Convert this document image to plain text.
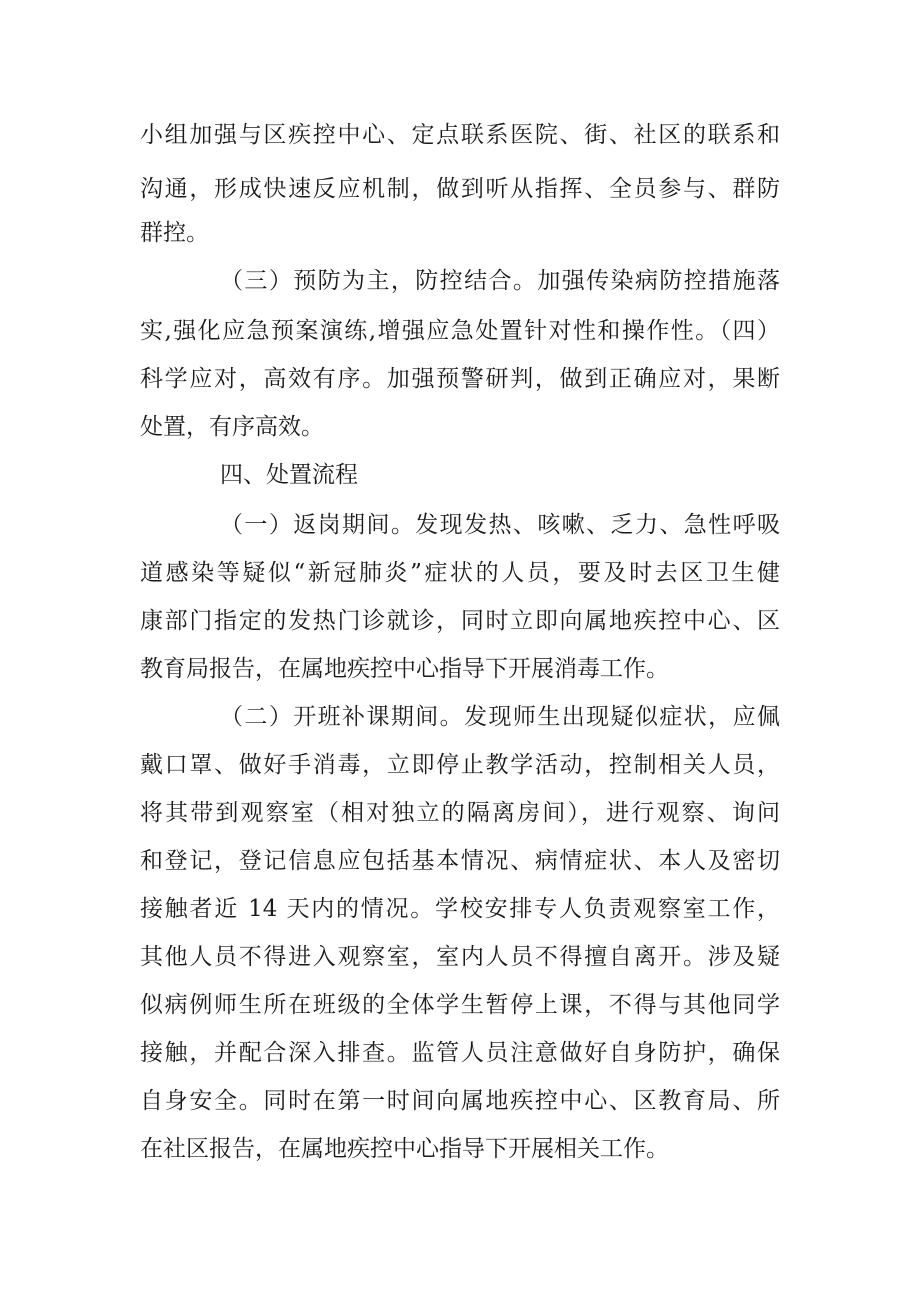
小组加强与区疾控中心、定点联系医院、街、社区的联系和
沟通，形成快速反应机制，做到听从指挥、全员参与、群防
群控。
（三）预防为主，防控结合。加强传染病防控措施落
实,强化应急预案演练,增强应急处置针对性和操作性。（四）
科学应对，高效有序。加强预警研判，做到正确应对，果断
处置，有序高效。
四、处置流程
（一）返岗期间。发现发热、咳嗽、乏力、急性呼吸
道感染等疑似“新冠肺炎”症状的人员，要及时去区卫生健
康部门指定的发热门诊就诊，同时立即向属地疾控中心、区
教育局报告，在属地疾控中心指导下开展消毒工作。
（二）开班补课期间。发现师生出现疑似症状，应佩
戴口罩、做好手消毒，立即停止教学活动，控制相关人员，
将其带到观察室（相对独立的隔离房间），进行观察、询问
和登记，登记信息应包括基本情况、病情症状、本人及密切
接触者近 14 天内的情况。学校安排专人负责观察室工作，
其他人员不得进入观察室，室内人员不得擅自离开。涉及疑
似病例师生所在班级的全体学生暂停上课，不得与其他同学
接触，并配合深入排查。监管人员注意做好自身防护，确保
自身安全。同时在第一时间向属地疾控中心、区教育局、所
在社区报告，在属地疾控中心指导下开展相关工作。
